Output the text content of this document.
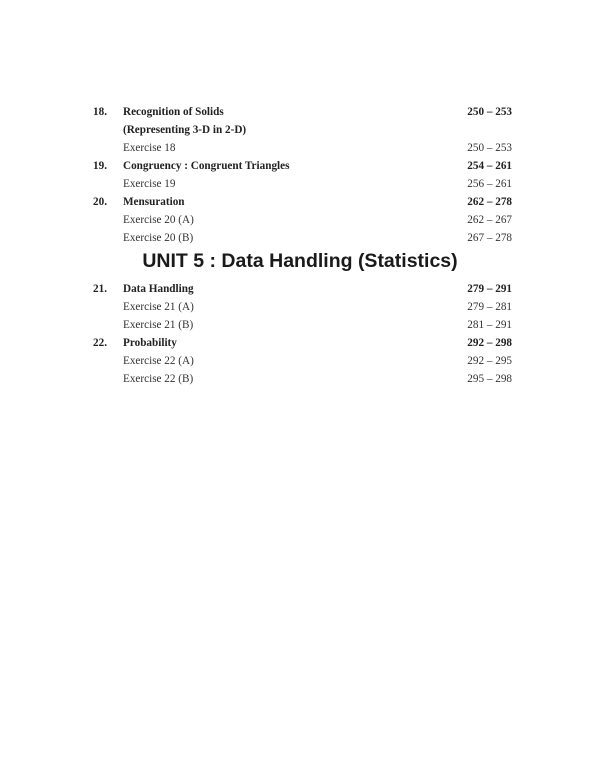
18. Recognition of Solids	250 – 253
(Representing 3-D in 2-D)
Exercise 18	250 – 253
19. Congruency : Congruent Triangles	254 – 261
Exercise 19	256 – 261
20. Mensuration	262 – 278
Exercise 20 (A)	262 – 267
Exercise 20 (B)	267 – 278
UNIT 5 : Data Handling (Statistics)
21. Data Handling	279 – 291
Exercise 21 (A)	279 – 281
Exercise 21 (B)	281 – 291
22. Probability	292 – 298
Exercise 22 (A)	292 – 295
Exercise 22 (B)	295 – 298
